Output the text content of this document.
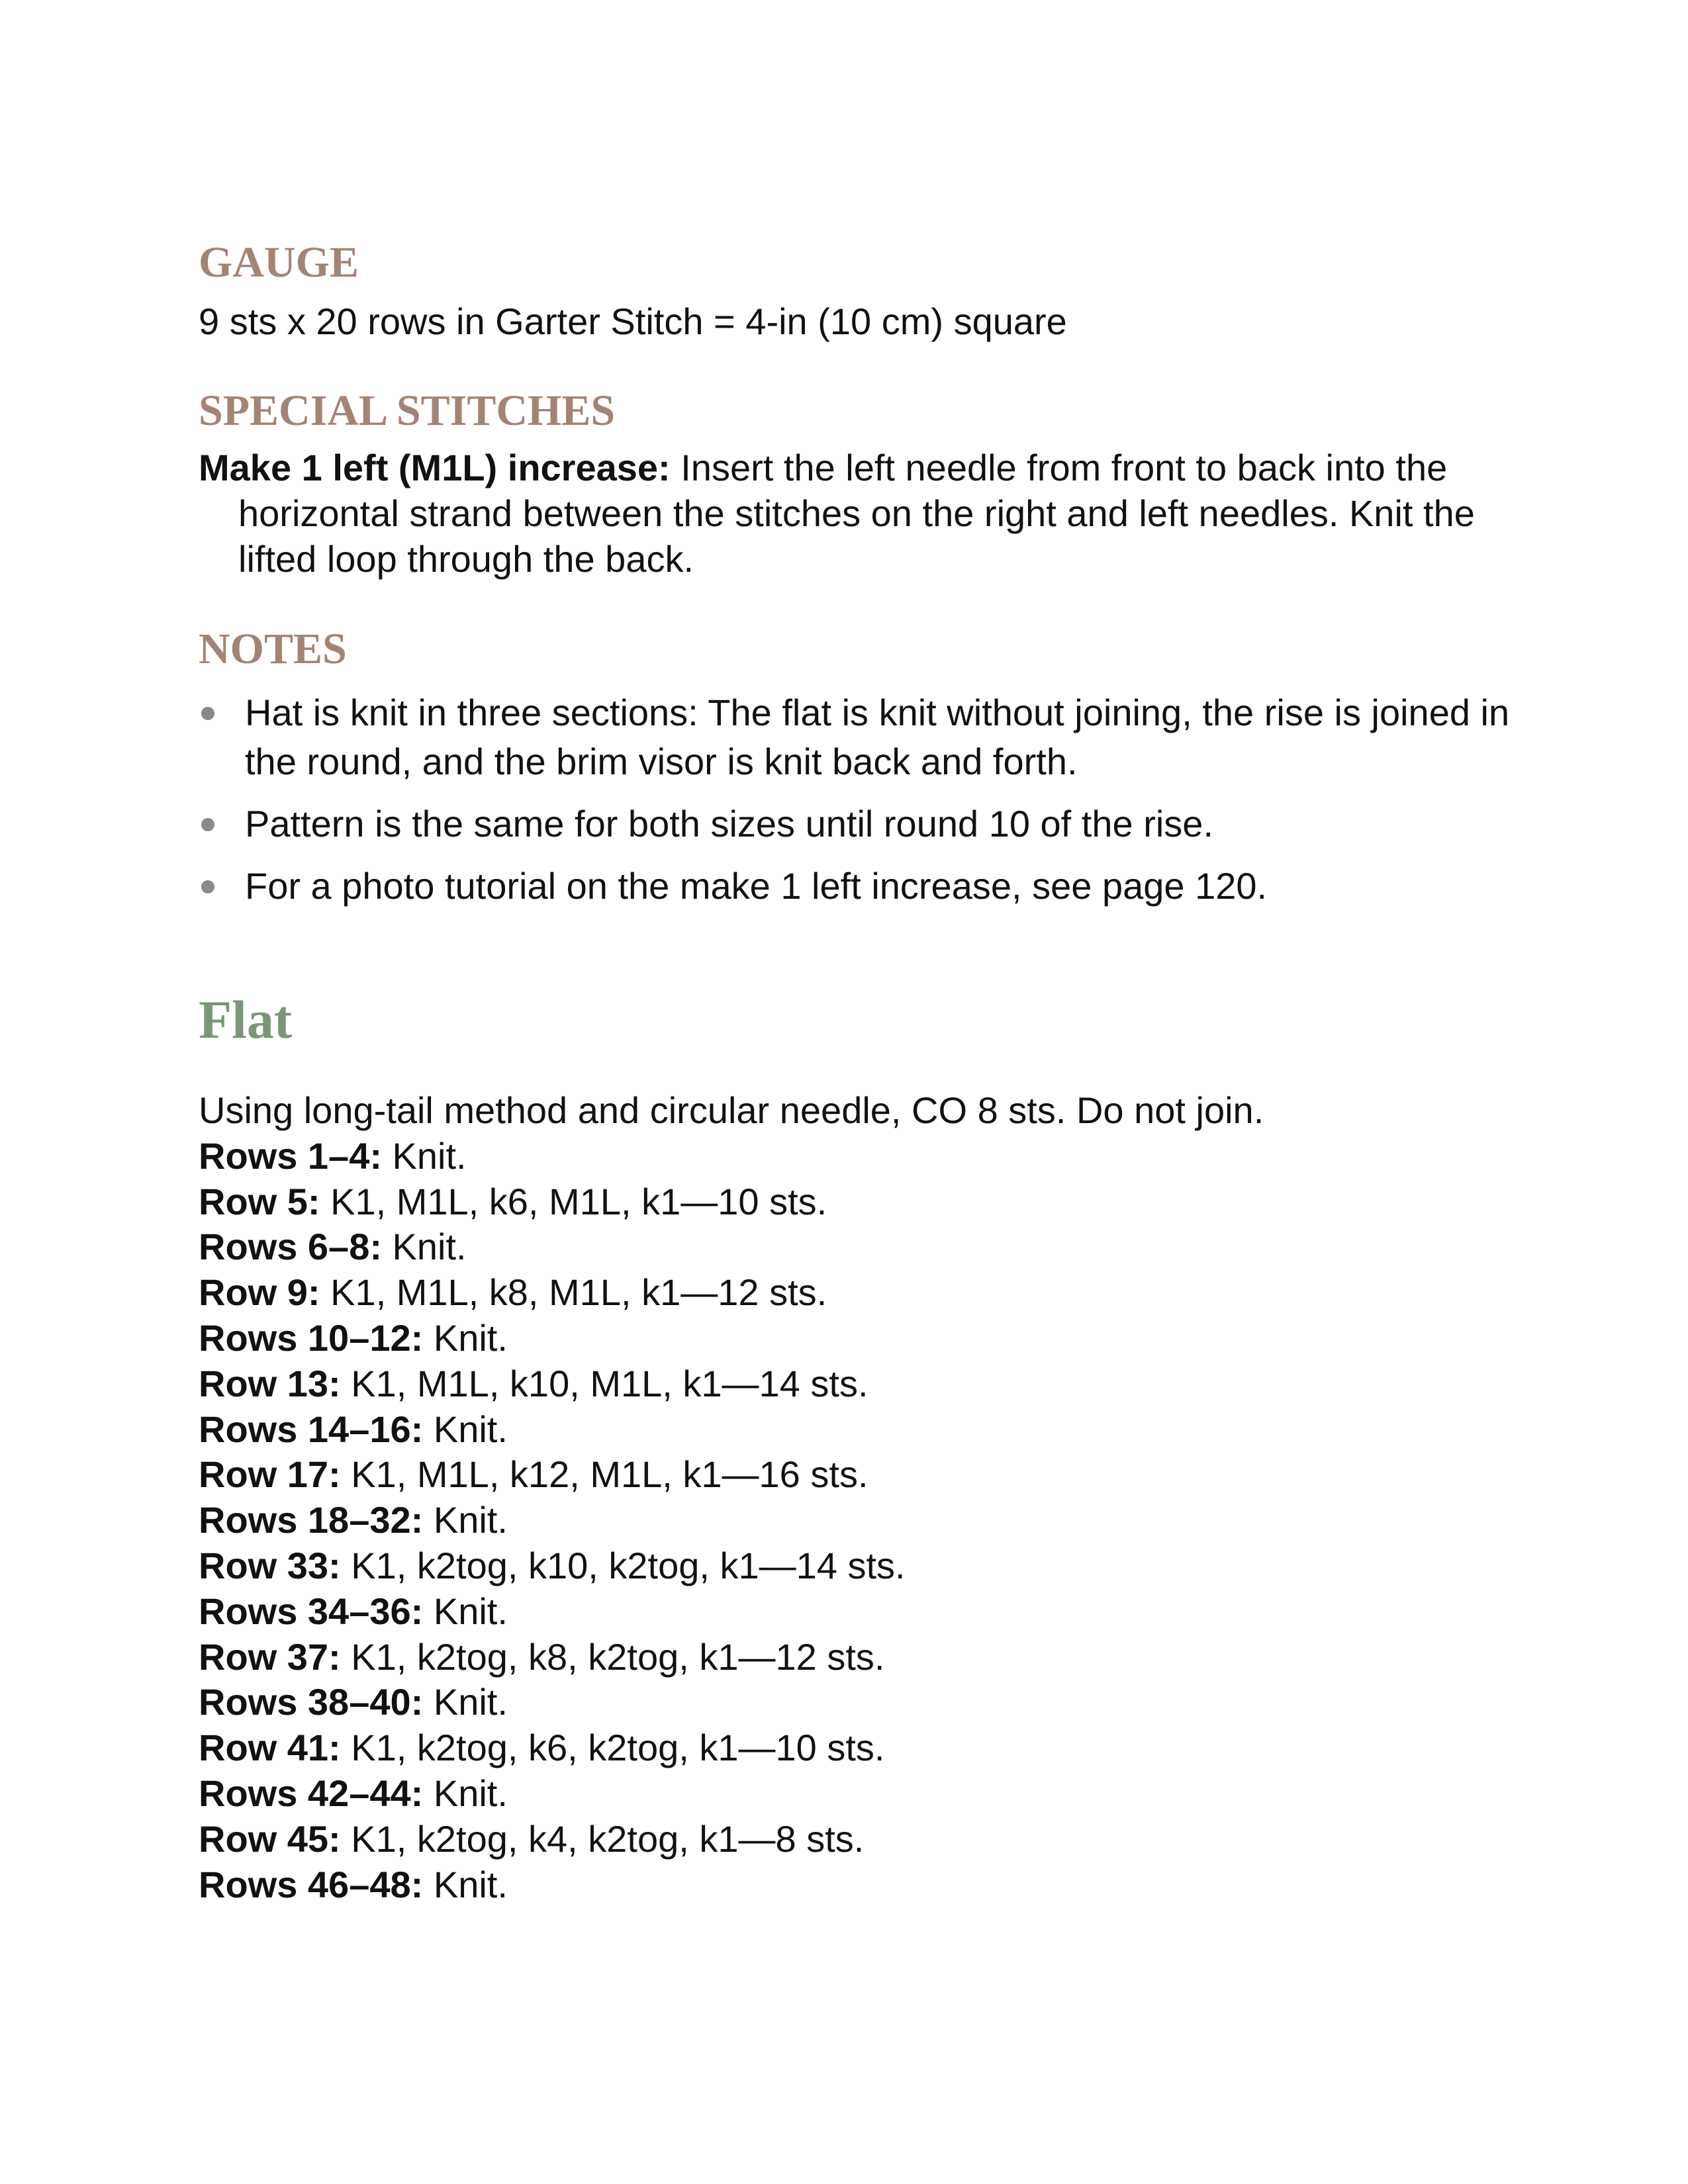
GAUGE

9 sts x 20 rows in Garter Stitch = 4-in (10 cm) square

SPECIAL STITCHES

Make 1 left (M1L) increase: Insert the left needle from front to back into the horizontal strand between the stitches on the right and left needles. Knit the lifted loop through the back.

NOTES
Hat is knit in three sections: The flat is knit without joining, the rise is joined in the round, and the brim visor is knit back and forth.
Pattern is the same for both sizes until round 10 of the rise.
For a photo tutorial on the make 1 left increase, see page 120.
Flat
Using long-tail method and circular needle, CO 8 sts. Do not join.
Rows 1–4: Knit.
Row 5: K1, M1L, k6, M1L, k1—10 sts.
Rows 6–8: Knit.
Row 9: K1, M1L, k8, M1L, k1—12 sts.
Rows 10–12: Knit.
Row 13: K1, M1L, k10, M1L, k1—14 sts.
Rows 14–16: Knit.
Row 17: K1, M1L, k12, M1L, k1—16 sts.
Rows 18–32: Knit.
Row 33: K1, k2tog, k10, k2tog, k1—14 sts.
Rows 34–36: Knit.
Row 37: K1, k2tog, k8, k2tog, k1—12 sts.
Rows 38–40: Knit.
Row 41: K1, k2tog, k6, k2tog, k1—10 sts.
Rows 42–44: Knit.
Row 45: K1, k2tog, k4, k2tog, k1—8 sts.
Rows 46–48: Knit.
